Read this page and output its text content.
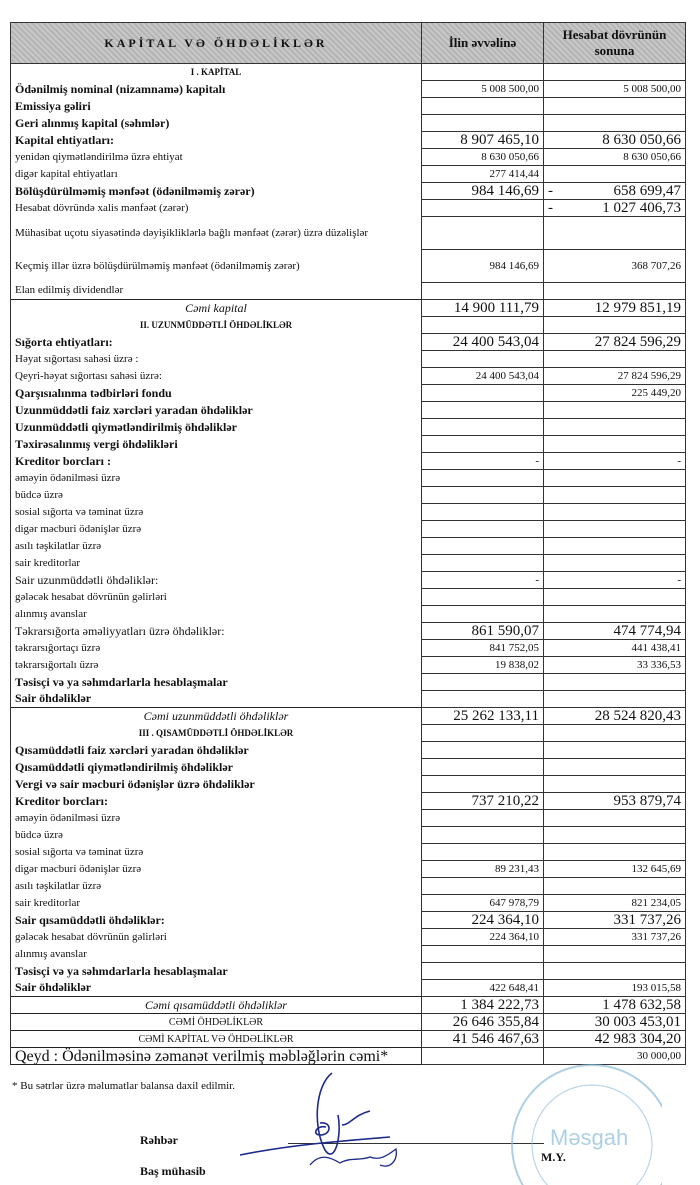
KAPİTAL VƏ ÖHDƏLİKLƏR	İlin əvvəlinə	Hesabat dövrünün sonuna
I . KAPİTAL		
Ödənilmiş nominal (nizamnamə) kapitalı	5 008 500,00	5 008 500,00
Emissiya gəliri		
Geri alınmış kapital (səhmlər)		
Kapital ehtiyatları:	8 907 465,10	8 630 050,66
yenidən qiymətləndirilmə üzrə ehtiyat	8 630 050,66	8 630 050,66
digər kapital ehtiyatları	277 414,44	
Bölüşdürülməmiş mənfəət (ödənilməmiş zərər)	984 146,69	- 658 699,47
Hesabat dövründə xalis mənfəət (zərər)		- 1 027 406,73
Mühasibat uçotu siyasətində dəyişikliklərlə bağlı mənfəət (zərər) üzrə düzəlişlər		
Keçmiş illər üzrə bölüşdürülməmiş mənfəət (ödənilməmiş zərər)	984 146,69	368 707,26
Elan edilmiş dividendlər		
Cəmi kapital	14 900 111,79	12 979 851,19
II. UZUNMÜDDƏTLİ ÖHDƏLİKLƏR		
Sığorta ehtiyatları:	24 400 543,04	27 824 596,29
Həyat sığortası sahəsi üzrə :		
Qeyri-həyat sığortası sahəsi üzrə:	24 400 543,04	27 824 596,29
Qarşısıalınma tədbirləri fondu		225 449,20
Uzunmüddətli faiz xərcləri yaradan öhdəliklər		
Uzunmüddətli qiymətləndirilmiş öhdəliklər		
Təxirəsalınmış vergi öhdəlikləri		
Kreditor borcları :	-	-
əməyin ödənilməsi üzrə		
büdcə üzrə		
sosial sığorta və təminat üzrə		
digər məcburi ödənişlər üzrə		
asılı təşkilatlar üzrə		
sair kreditorlar		
Sair uzunmüddətli öhdəliklər:	-	-
gələcək hesabat dövrünün gəlirləri		
alınmış avanslar		
Təkrarsığorta əməliyyatları üzrə öhdəliklər:	861 590,07	474 774,94
təkrarsığortaçı üzrə	841 752,05	441 438,41
təkrarsığortalı üzrə	19 838,02	33 336,53
Təsisçi və ya səhmdarlarla hesablaşmalar		
Sair öhdəliklər		
Cəmi uzunmüddətli öhdəliklər	25 262 133,11	28 524 820,43
III . QISAMÜDDƏTLİ ÖHDƏLİKLƏR		
Qısamüddətli faiz xərcləri yaradan öhdəliklər		
Qısamüddətli qiymətləndirilmiş öhdəliklər		
Vergi və sair məcburi ödənişlər üzrə öhdəliklər		
Kreditor borcları:	737 210,22	953 879,74
əməyin ödənilməsi üzrə		
büdcə üzrə		
sosial sığorta və təminat üzrə		
digər məcburi ödənişlər üzrə	89 231,43	132 645,69
asılı təşkilatlar üzrə		
sair kreditorlar	647 978,79	821 234,05
Sair qısamüddətli öhdəliklər:	224 364,10	331 737,26
gələcək hesabat dövrünün gəlirləri	224 364,10	331 737,26
alınmış avanslar		
Təsisçi və ya səhmdarlarla hesablaşmalar		
Sair öhdəliklər	422 648,41	193 015,58
Cəmi qısamüddətli öhdəliklər	1 384 222,73	1 478 632,58
CƏMİ ÖHDƏLİKLƏR	26 646 355,84	30 003 453,01
CƏMİ KAPİTAL VƏ ÖHDƏLİKLƏR	41 546 467,63	42 983 304,20
Qeyd : Ödənilməsinə zəmanət verilmiş məbləğlərin cəmi*		30 000,00
* Bu sətrlər üzrə məlumatlar balansa daxil edilmir.
Rəhbər
Baş mühasib
M.Y.
Məsgah
